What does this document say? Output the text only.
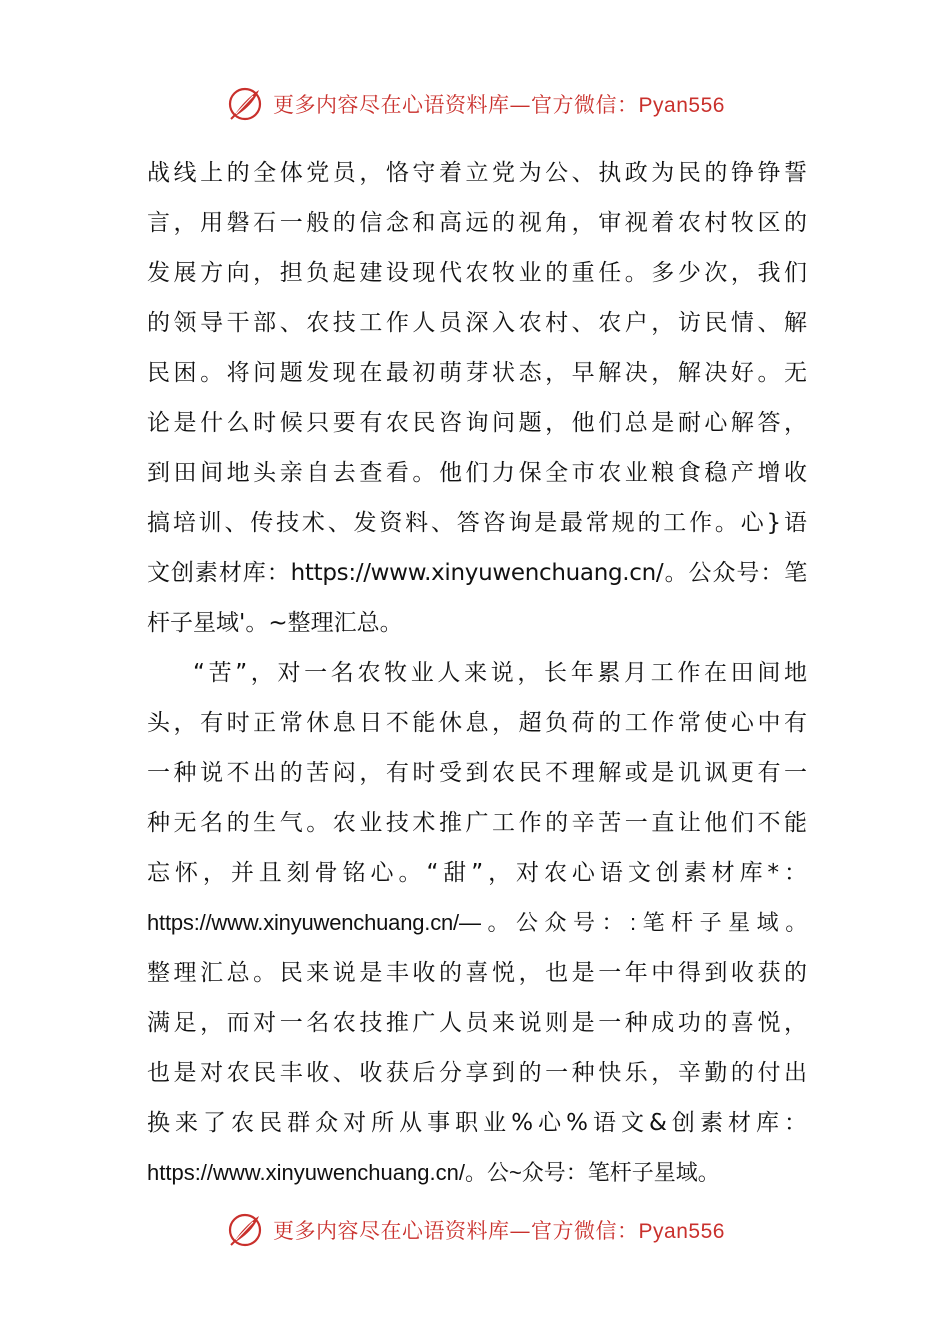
更多内容尽在心语资料库—官方微信：Pyan556
战线上的全体党员，恪守着立党为公、执政为民的铮铮誓
言，用磐石一般的信念和高远的视角，审视着农村牧区的
发展方向，担负起建设现代农牧业的重任。多少次，我们
的领导干部、农技工作人员深入农村、农户，访民情、解
民困。将问题发现在最初萌芽状态，早解决，解决好。无
论是什么时候只要有农民咨询问题，他们总是耐心解答，
到田间地头亲自去查看。他们力保全市农业粮食稳产增收
搞培训、传技术、发资料、答咨询是最常规的工作。心}语
文创素材库：https://www.xinyuwenchuang.cn/。公众号：笔
杆子星域'。~整理汇总。
“苦”，对一名农牧业人来说，长年累月工作在田间地
头，有时正常休息日不能休息，超负荷的工作常使心中有
一种说不出的苦闷，有时受到农民不理解或是讥讽更有一
种无名的生气。农业技术推广工作的辛苦一直让他们不能
忘怀，并且刻骨铭心。“甜”，对农心语文创素材库*：
https://www.xinyuwenchuang.cn/—。公众号：:笔杆子星域。
整理汇总。民来说是丰收的喜悦，也是一年中得到收获的
满足，而对一名农技推广人员来说则是一种成功的喜悦，
也是对农民丰收、收获后分享到的一种快乐，辛勤的付出
换来了农民群众对所从事职业%心%语文&创素材库：
https://www.xinyuwenchuang.cn/。公~众号：笔杆子星域。
更多内容尽在心语资料库—官方微信：Pyan556
